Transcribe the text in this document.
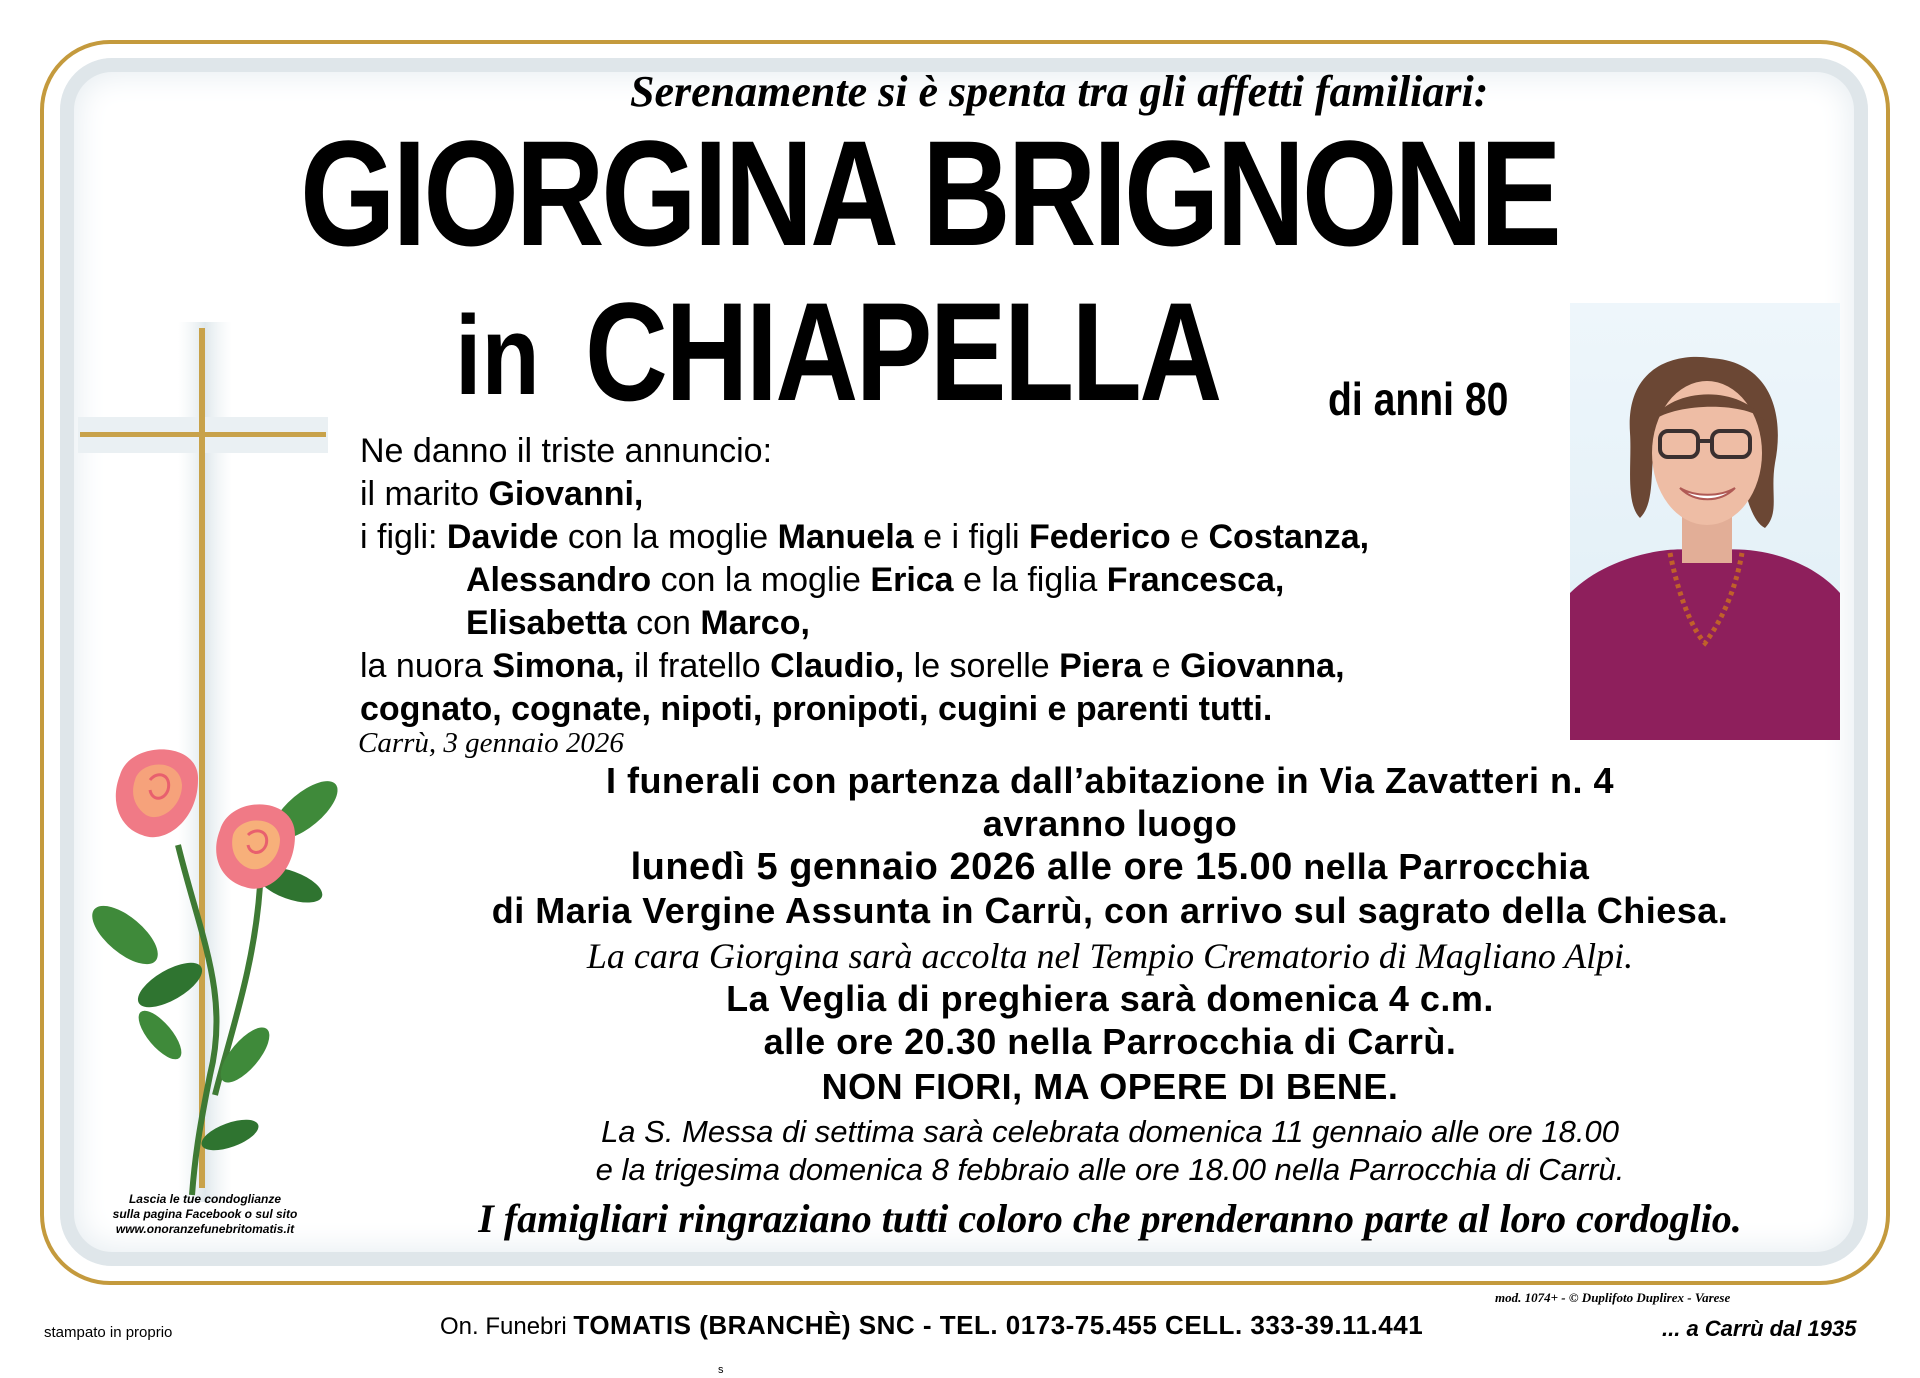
Serenamente si è spenta tra gli affetti familiari:
GIORGINA BRIGNONE
in CHIAPELLA di anni 80
Ne danno il triste annuncio:
il marito Giovanni,
i figli: Davide con la moglie Manuela e i figli Federico e Costanza,
Alessandro con la moglie Erica e la figlia Francesca,
Elisabetta con Marco,
la nuora Simona, il fratello Claudio, le sorelle Piera e Giovanna,
cognato, cognate, nipoti, pronipoti, cugini e parenti tutti.
Carrù, 3 gennaio 2026
I funerali con partenza dall’abitazione in Via Zavatteri n. 4
avranno luogo
lunedì 5 gennaio 2026 alle ore 15.00 nella Parrocchia
di Maria Vergine Assunta in Carrù, con arrivo sul sagrato della Chiesa.
La cara Giorgina sarà accolta nel Tempio Crematorio di Magliano Alpi.
La Veglia di preghiera sarà domenica 4 c.m.
alle ore 20.30 nella Parrocchia di Carrù.
NON FIORI, MA OPERE DI BENE.
La S. Messa di settima sarà celebrata domenica 11 gennaio alle ore 18.00
e la trigesima domenica 8 febbraio alle ore 18.00 nella Parrocchia di Carrù.
I famigliari ringraziano tutti coloro che prenderanno parte al loro cordoglio.
Lascia le tue condoglianze
sulla pagina Facebook o sul sito
www.onoranzefunebritomatis.it
mod. 1074+ - © Duplifoto Duplirex - Varese
On. Funebri TOMATIS (BRANCHÈ) SNC - TEL. 0173-75.455 CELL. 333-39.11.441	... a Carrù dal 1935
stampato in proprio
s
